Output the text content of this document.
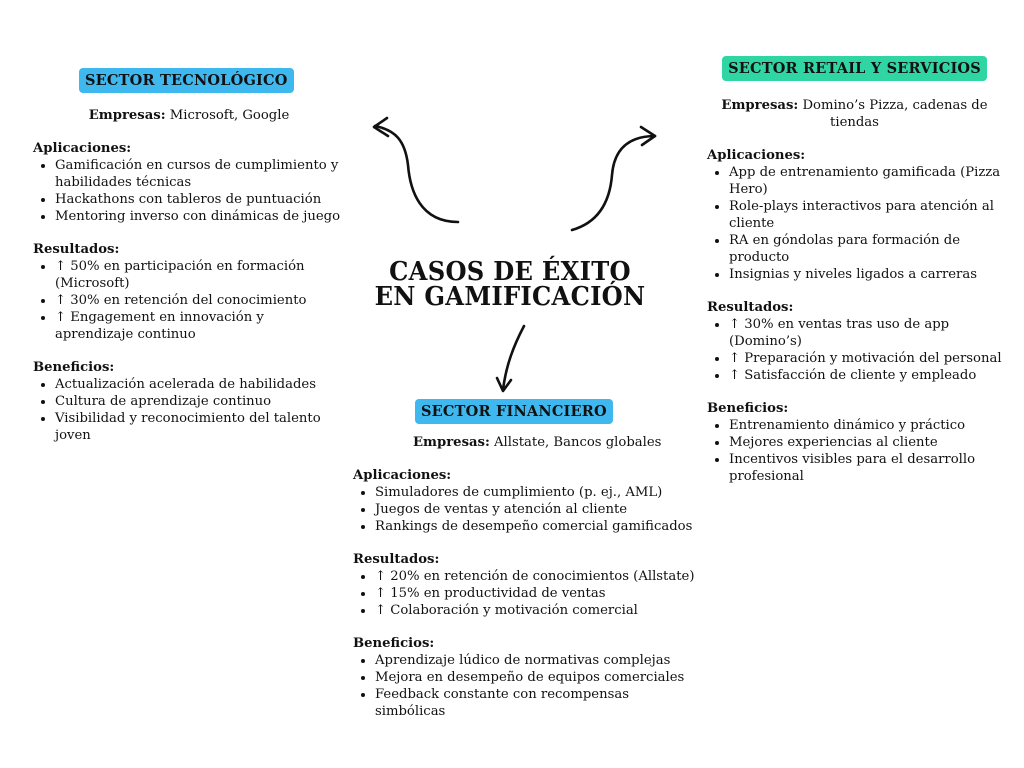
CASOS DE ÉXITO
EN GAMIFICACIÓN
SECTOR TECNOLÓGICO
Empresas: Microsoft, Google
Aplicaciones:
• Gamificación en cursos de cumplimiento y habilidades técnicas
• Hackathons con tableros de puntuación
• Mentoring inverso con dinámicas de juego
Resultados:
• ↑ 50% en participación en formación (Microsoft)
• ↑ 30% en retención del conocimiento
• ↑ Engagement en innovación y aprendizaje continuo
Beneficios:
• Actualización acelerada de habilidades
• Cultura de aprendizaje continuo
• Visibilidad y reconocimiento del talento joven
SECTOR RETAIL Y SERVICIOS
Empresas: Domino’s Pizza, cadenas de tiendas
Aplicaciones:
• App de entrenamiento gamificada (Pizza Hero)
• Role-plays interactivos para atención al cliente
• RA en góndolas para formación de producto
• Insignias y niveles ligados a carreras
Resultados:
• ↑ 30% en ventas tras uso de app (Domino’s)
• ↑ Preparación y motivación del personal
• ↑ Satisfacción de cliente y empleado
Beneficios:
• Entrenamiento dinámico y práctico
• Mejores experiencias al cliente
• Incentivos visibles para el desarrollo profesional
SECTOR FINANCIERO
Empresas: Allstate, Bancos globales
Aplicaciones:
• Simuladores de cumplimiento (p. ej., AML)
• Juegos de ventas y atención al cliente
• Rankings de desempeño comercial gamificados
Resultados:
• ↑ 20% en retención de conocimientos (Allstate)
• ↑ 15% en productividad de ventas
• ↑ Colaboración y motivación comercial
Beneficios:
• Aprendizaje lúdico de normativas complejas
• Mejora en desempeño de equipos comerciales
• Feedback constante con recompensas simbólicas
